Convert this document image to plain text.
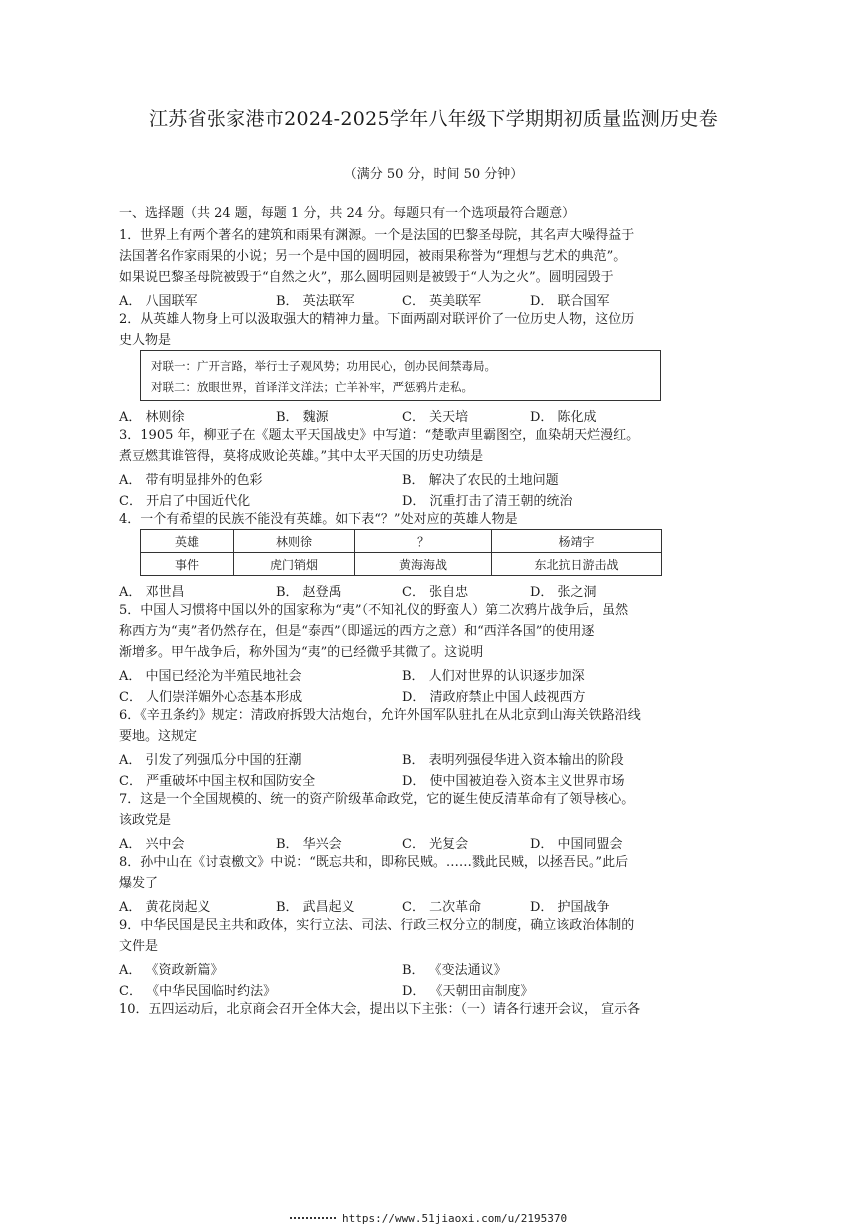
江苏省张家港市2024-2025学年八年级下学期期初质量监测历史卷
（满分 50 分，时间 50 分钟）
一、选择题（共 24 题，每题 1 分，共 24 分。每题只有一个选项最符合题意）
1．世界上有两个著名的建筑和雨果有渊源。一个是法国的巴黎圣母院，其名声大噪得益于
法国著名作家雨果的小说；另一个是中国的圆明园，被雨果称誉为“理想与艺术的典范”。
如果说巴黎圣母院被毁于“自然之火”，那么圆明园则是被毁于“人为之火”。圆明园毁于
A． 八国联军	B． 英法联军	C． 英美联军	D． 联合国军
2．从英雄人物身上可以汲取强大的精神力量。下面两副对联评价了一位历史人物，这位历
史人物是
对联一：广开言路，举行士子观风势；功用民心，创办民间禁毒局。
对联二：放眼世界，首译洋文洋法；亡羊补牢，严惩鸦片走私。
A． 林则徐	B． 魏源	C． 关天培	D． 陈化成
3．1905 年，柳亚子在《题太平天国战史》中写道：“楚歌声里霸图空，血染胡天烂漫红。
煮豆燃萁谁管得，莫将成败论英雄。”其中太平天国的历史功绩是
A． 带有明显排外的色彩	B． 解决了农民的土地问题
C． 开启了中国近代化	D． 沉重打击了清王朝的统治
4．一个有希望的民族不能没有英雄。如下表“？”处对应的英雄人物是
英雄	林则徐	？	杨靖宇
事件	虎门销烟	黄海海战	东北抗日游击战
A． 邓世昌	B． 赵登禹	C． 张自忠	D． 张之洞
5．中国人习惯将中国以外的国家称为“夷”（不知礼仪的野蛮人）第二次鸦片战争后，虽然
称西方为“夷”者仍然存在，但是“泰西”（即遥远的西方之意）和“西洋各国”的使用逐
渐增多。甲午战争后，称外国为“夷”的已经微乎其微了。这说明
A． 中国已经沦为半殖民地社会	B． 人们对世界的认识逐步加深
C． 人们崇洋媚外心态基本形成	D． 清政府禁止中国人歧视西方
6．《辛丑条约》规定：清政府拆毁大沽炮台，允许外国军队驻扎在从北京到山海关铁路沿线
要地。这规定
A． 引发了列强瓜分中国的狂潮	B． 表明列强侵华进入资本输出的阶段
C． 严重破坏中国主权和国防安全	D． 使中国被迫卷入资本主义世界市场
7．这是一个全国规模的、统一的资产阶级革命政党，它的诞生使反清革命有了领导核心。
该政党是
A． 兴中会	B． 华兴会	C． 光复会	D． 中国同盟会
8．孙中山在《讨袁檄文》中说：“既忘共和，即称民贼。……戮此民贼，以拯吾民。”此后
爆发了
A． 黄花岗起义	B． 武昌起义	C． 二次革命	D． 护国战争
9．中华民国是民主共和政体，实行立法、司法、行政三权分立的制度，确立该政治体制的
文件是
A． 《资政新篇》	B． 《变法通议》
C． 《中华民国临时约法》	D． 《天朝田亩制度》
10．五四运动后，北京商会召开全体大会，提出以下主张：（一）请各行速开会议， 宣示各
https://www.51jiaoxi.com/u/2195370
